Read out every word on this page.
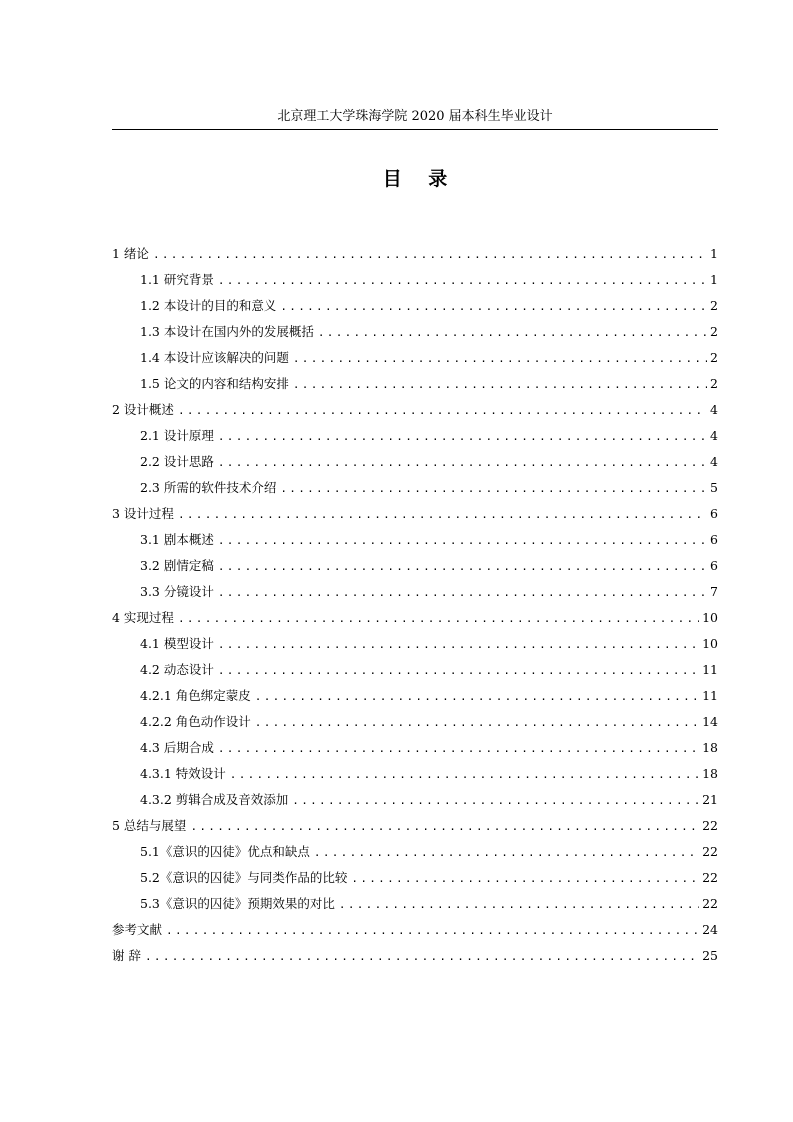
北京理工大学珠海学院 2020 届本科生毕业设计
目 录
1 绪论 .....	1
1.1 研究背景 .....	1
1.2 本设计的目的和意义 .....	2
1.3 本设计在国内外的发展概括 .....	2
1.4 本设计应该解决的问题 .....	2
1.5 论文的内容和结构安排 .....	2
2 设计概述 .....	4
2.1 设计原理 .....	4
2.2 设计思路 .....	4
2.3 所需的软件技术介绍 .....	5
3 设计过程 .....	6
3.1 剧本概述 .....	6
3.2 剧情定稿 .....	6
3.3 分镜设计 .....	7
4 实现过程 .....	10
4.1 模型设计 .....	10
4.2 动态设计 .....	11
4.2.1 角色绑定蒙皮 .....	11
4.2.2 角色动作设计 .....	14
4.3 后期合成 .....	18
4.3.1 特效设计 .....	18
4.3.2 剪辑合成及音效添加 .....	21
5 总结与展望 .....	22
5.1《意识的囚徒》优点和缺点 .....	22
5.2《意识的囚徒》与同类作品的比较 .....	22
5.3《意识的囚徒》预期效果的对比 .....	22
参考文献 .....	24
谢 辞 .....	25
